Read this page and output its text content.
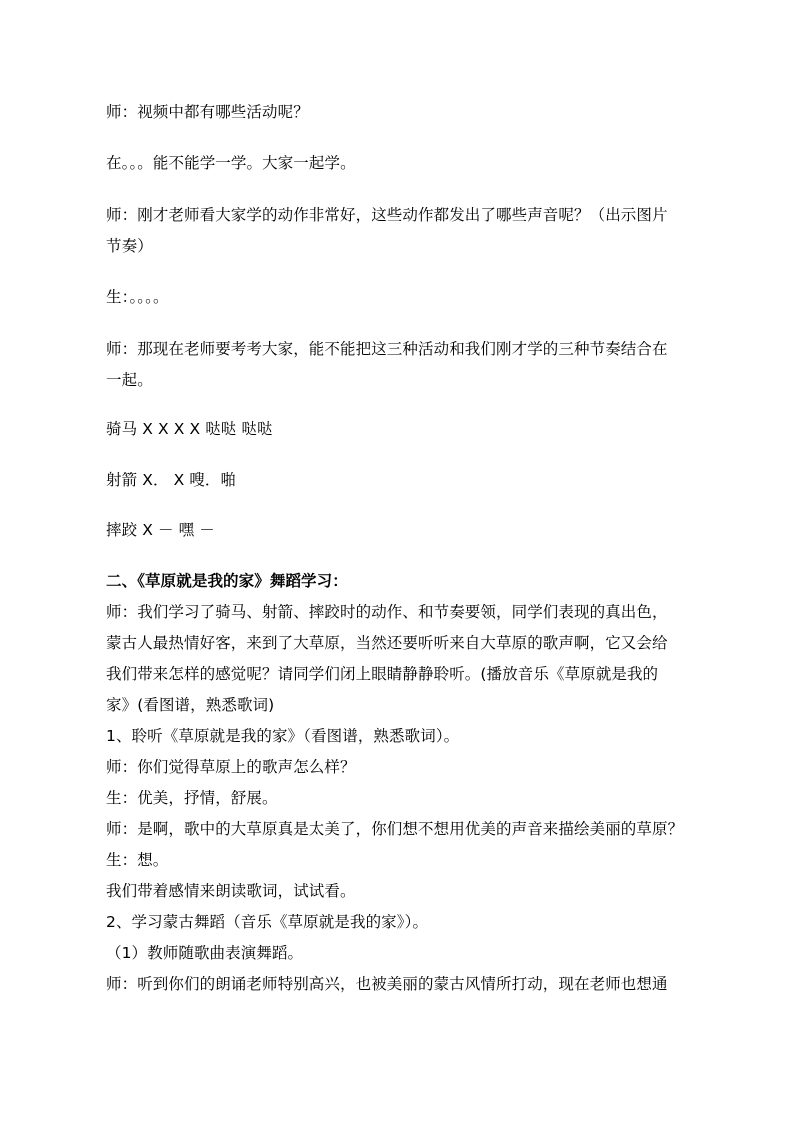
师：视频中都有哪些活动呢？
在。。。能不能学一学。大家一起学。
师：刚才老师看大家学的动作非常好，这些动作都发出了哪些声音呢？（出示图片
节奏）
生：。。。。
师：那现在老师要考考大家，能不能把这三种活动和我们刚才学的三种节奏结合在
一起。
骑马 X X X X 哒哒 哒哒
射箭 X． X 嗖．啪
摔跤 X － 嘿 －
二、《草原就是我的家》舞蹈学习：
师：我们学习了骑马、射箭、摔跤时的动作、和节奏要领，同学们表现的真出色，
蒙古人最热情好客，来到了大草原，当然还要听听来自大草原的歌声啊，它又会给
我们带来怎样的感觉呢？请同学们闭上眼睛静静聆听。(播放音乐《草原就是我的
家》(看图谱，熟悉歌词)
1、聆听《草原就是我的家》（看图谱，熟悉歌词）。
师：你们觉得草原上的歌声怎么样？
生：优美，抒情，舒展。
师：是啊，歌中的大草原真是太美了，你们想不想用优美的声音来描绘美丽的草原？
生：想。
我们带着感情来朗读歌词，试试看。
2、学习蒙古舞蹈（音乐《草原就是我的家》）。
（1）教师随歌曲表演舞蹈。
师：听到你们的朗诵老师特别高兴，也被美丽的蒙古风情所打动，现在老师也想通
